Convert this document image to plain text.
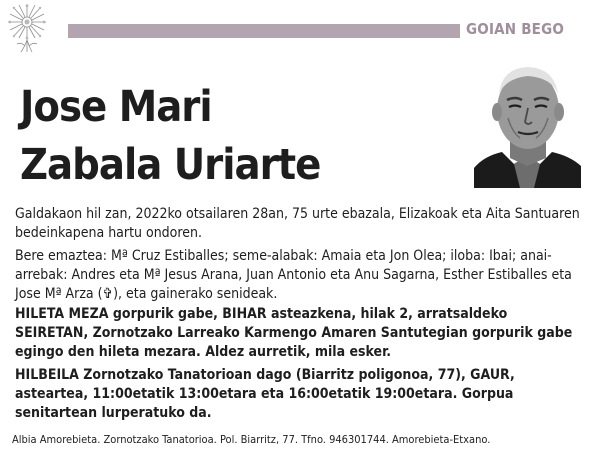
GOIAN BEGO
Jose Mari
Zabala Uriarte
Galdakaon hil zan, 2022ko otsailaren 28an, 75 urte ebazala, Elizakoak eta Aita Santuaren bedeinkapena hartu ondoren.
Bere emaztea: Mª Cruz Estiballes; seme-alabak: Amaia eta Jon Olea; iloba: Ibai; anai-arrebak: Andres eta Mª Jesus Arana, Juan Antonio eta Anu Sagarna, Esther Estiballes eta Jose Mª Arza (✞), eta gainerako senideak.
HILETA MEZA gorpurik gabe, BIHAR asteazkena, hilak 2, arratsaldeko SEIRETAN, Zornotzako Larreako Karmengo Amaren Santutegian gorpurik gabe egingo den hileta mezara. Aldez aurretik, mila esker.
HILBEILA Zornotzako Tanatorioan dago (Biarritz poligonoa, 77), GAUR, asteartea, 11:00etatik 13:00etara eta 16:00etatik 19:00etara. Gorpua senitartean lurperatuko da.
Albia Amorebieta. Zornotzako Tanatorioa. Pol. Biarritz, 77. Tfno. 946301744. Amorebieta-Etxano.
